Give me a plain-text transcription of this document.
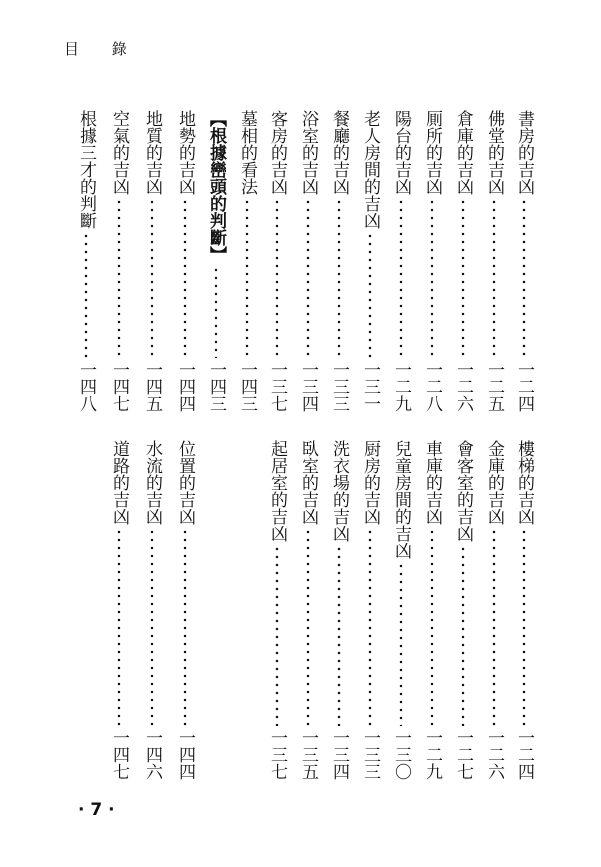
目 錄
書房的吉凶
一二四
佛堂的吉凶
一二五
倉庫的吉凶
一二六
厠所的吉凶
一二八
陽台的吉凶
一二九
老人房間的吉凶
一三一
餐廳的吉凶
一三三
浴室的吉凶
一三四
客房的吉凶
一三七
墓相的看法
一四三
【根據巒頭的判斷】
一四三
地勢的吉凶
一四四
地質的吉凶
一四五
空氣的吉凶
一四七
根據三才的判斷
一四八
樓梯的吉凶
一二四
金庫的吉凶
一二六
會客室的吉凶
一二七
車庫的吉凶
一二九
兒童房間的吉凶
一三〇
厨房的吉凶
一三三
洗衣場的吉凶
一三四
臥室的吉凶
一三五
起居室的吉凶
一三七
位置的吉凶
一四四
水流的吉凶
一四六
道路的吉凶
一四七
· 7 ·
